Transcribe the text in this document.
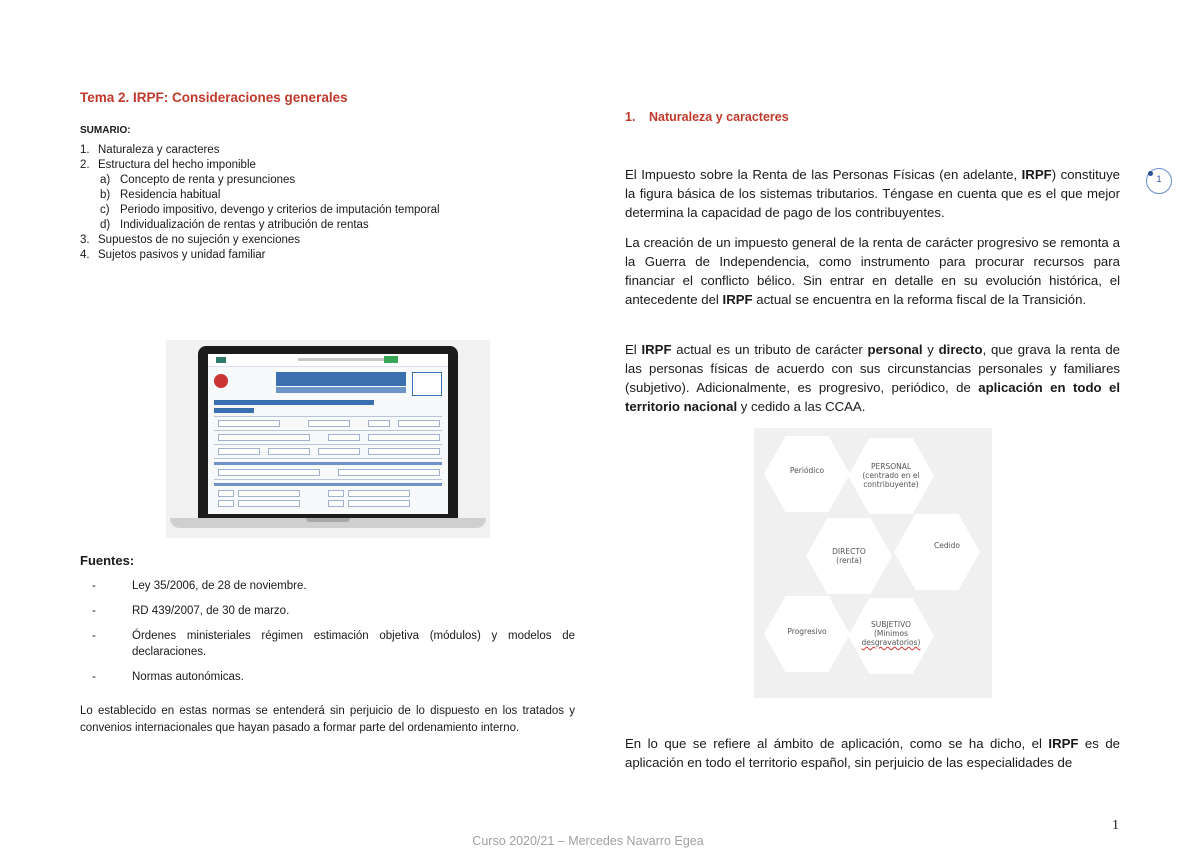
Tema 2. IRPF: Consideraciones generales
SUMARIO:
1. Naturaleza y caracteres
2. Estructura del hecho imponible
a) Concepto de renta y presunciones
b) Residencia habitual
c) Periodo impositivo, devengo y criterios de imputación temporal
d) Individualización de rentas y atribución de rentas
3. Supuestos de no sujeción y exenciones
4. Sujetos pasivos y unidad familiar
Fuentes:
-	Ley 35/2006, de 28 de noviembre.
-	RD 439/2007, de 30 de marzo.
-	Órdenes ministeriales régimen estimación objetiva (módulos) y modelos de declaraciones.
-	Normas autonómicas.
Lo establecido en estas normas se entenderá sin perjuicio de lo dispuesto en los tratados y convenios internacionales que hayan pasado a formar parte del ordenamiento interno.
1. Naturaleza y caracteres
El Impuesto sobre la Renta de las Personas Físicas (en adelante, IRPF) constituye la figura básica de los sistemas tributarios. Téngase en cuenta que es el que mejor determina la capacidad de pago de los contribuyentes.
La creación de un impuesto general de la renta de carácter progresivo se remonta a la Guerra de Independencia, como instrumento para procurar recursos para financiar el conflicto bélico. Sin entrar en detalle en su evolución histórica, el antecedente del IRPF actual se encuentra en la reforma fiscal de la Transición.
El IRPF actual es un tributo de carácter personal y directo, que grava la renta de las personas físicas de acuerdo con sus circunstancias personales y familiares (subjetivo). Adicionalmente, es progresivo, periódico, de aplicación en todo el territorio nacional y cedido a las CCAA.
En lo que se refiere al ámbito de aplicación, como se ha dicho, el IRPF es de aplicación en todo el territorio español, sin perjuicio de las especialidades de
Periódico	PERSONAL
(centrado en el
contribuyente)
DIRECTO
(renta)
Cedido
Progresivo
SUBJETIVO
(Minimos
desgravatorios)
1
1
Curso 2020/21 – Mercedes Navarro Egea
